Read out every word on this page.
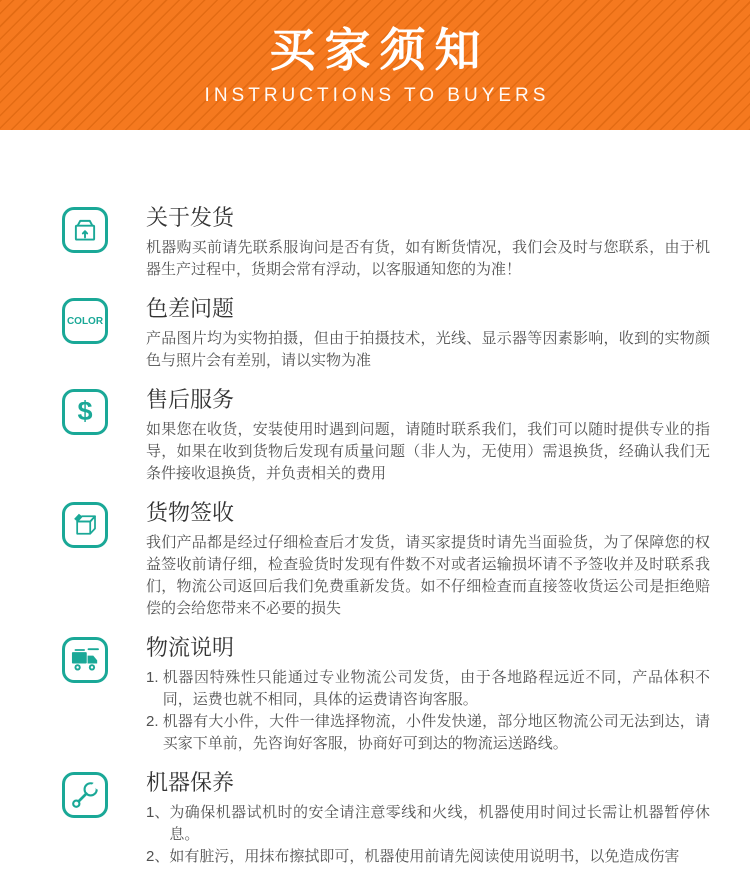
买家须知

INSTRUCTIONS TO BUYERS

关于发货

机器购买前请先联系服询问是否有货，如有断货情况，我们会及时与您联系，由于机器生产过程中，货期会常有浮动，以客服通知您的为准！

COLOR 色差问题

产品图片均为实物拍摄，但由于拍摄技术，光线、显示器等因素影响，收到的实物颜色与照片会有差别，请以实物为准

$ 售后服务

如果您在收货，安装使用时遇到问题，请随时联系我们，我们可以随时提供专业的指导，如果在收到货物后发现有质量问题（非人为，无使用）需退换货，经确认我们无条件接收退换货，并负责相关的费用

货物签收

我们产品都是经过仔细检查后才发货，请买家提货时请先当面验货，为了保障您的权益签收前请仔细，检查验货时发现有件数不对或者运输损坏请不予签收并及时联系我们，物流公司返回后我们免费重新发货。如不仔细检查而直接签收货运公司是拒绝赔偿的会给您带来不必要的损失

物流说明
1. 机器因特殊性只能通过专业物流公司发货，由于各地路程远近不同，产品体积不同，运费也就不相同，具体的运费请咨询客服。
2. 机器有大小件，大件一律选择物流，小件发快递，部分地区物流公司无法到达，请买家下单前，先咨询好客服，协商好可到达的物流运送路线。
机器保养
1、 为确保机器试机时的安全请注意零线和火线，机器使用时间过长需让机器暂停休息。
2、 如有脏污，用抹布擦拭即可，机器使用前请先阅读使用说明书，以免造成伤害
